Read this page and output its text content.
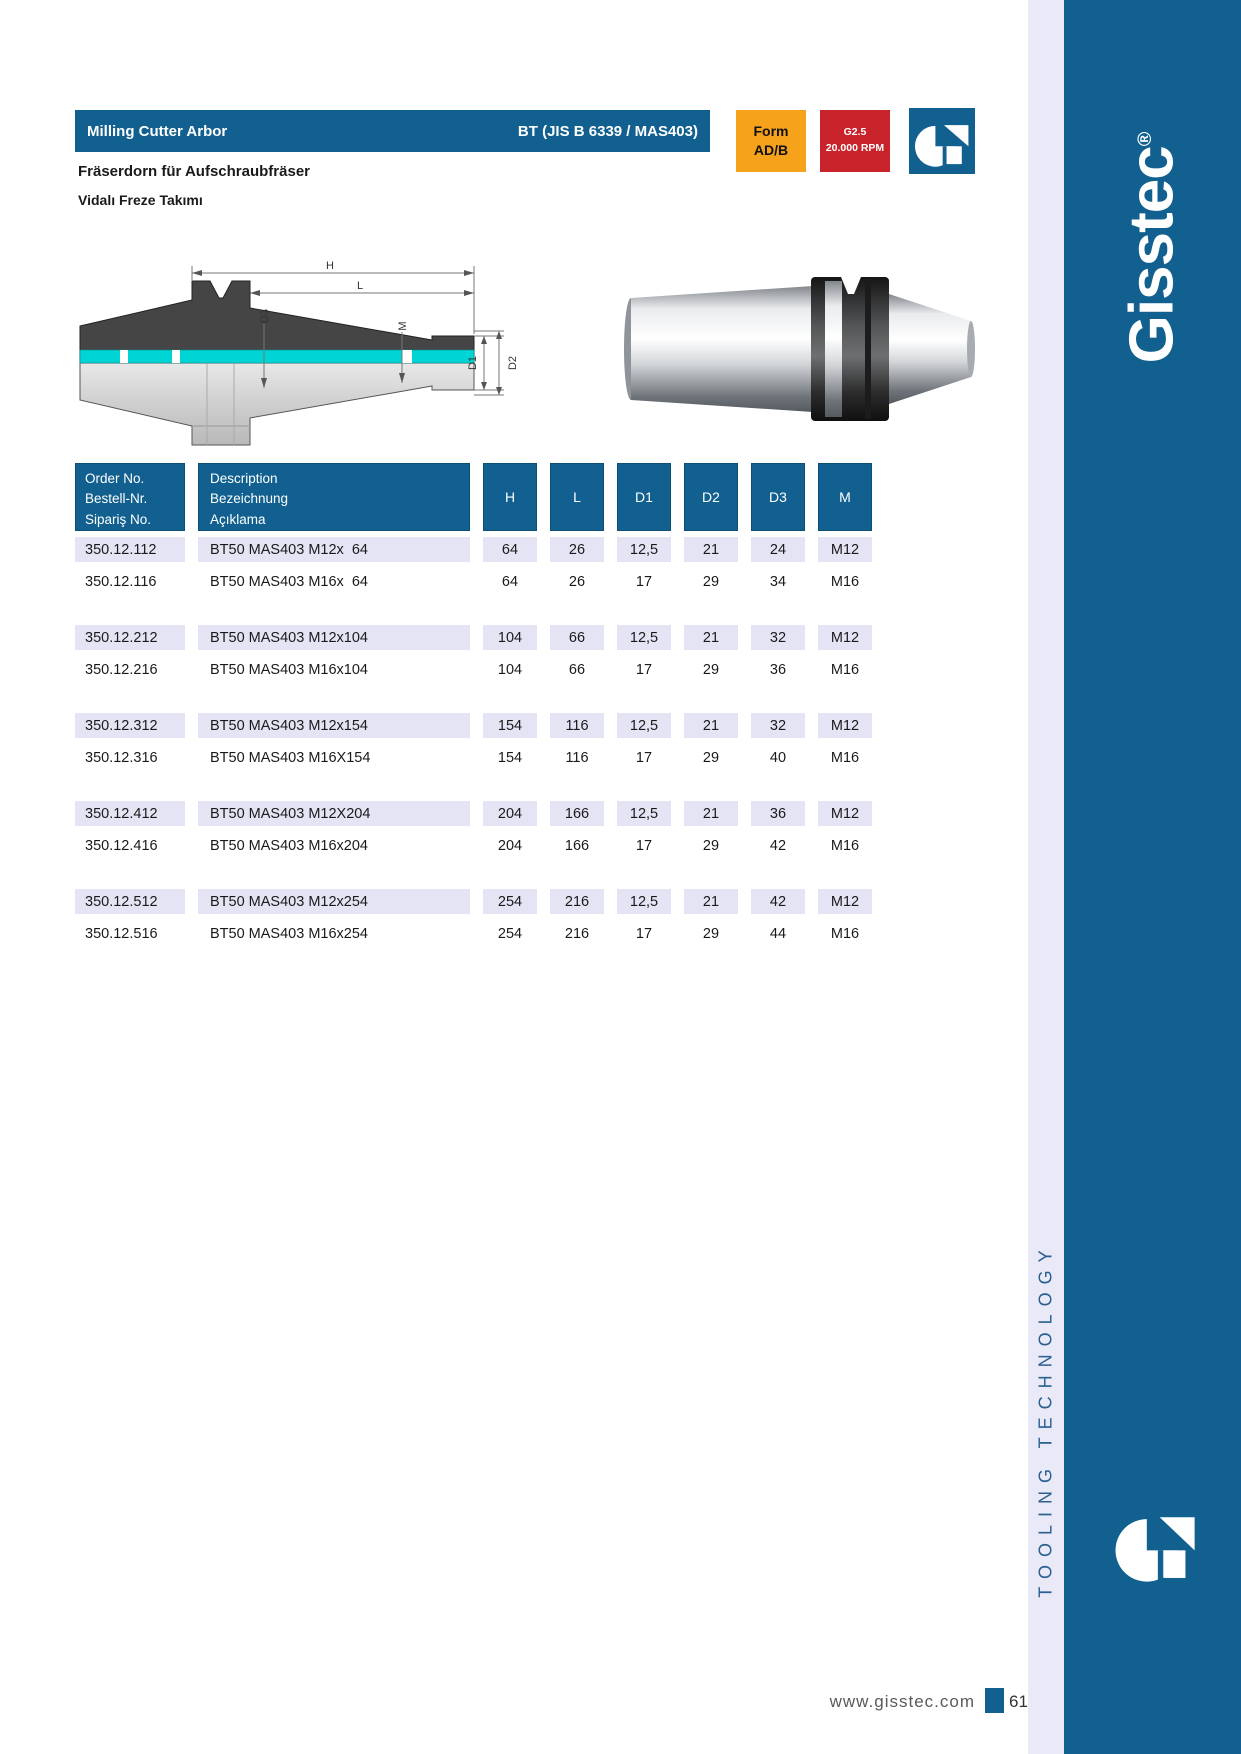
Gisstec®
TOOLING TECHNOLOGY
Milling Cutter Arbor	BT (JIS B 6339 / MAS403)
Fräserdorn für Aufschraubfräser
Vidalı Freze Takımı
Form
AD/B
G2.5
20.000 RPM
H
L
D3
M
D1	D2
Order No.
Bestell-Nr.
Sipariş No.
Description
Bezeichnung
Açıklama
H	L	D1	D2	D3	M
350.12.112	BT50 MAS403 M12x  64	64	26	12,5	21	24	M12
350.12.116	BT50 MAS403 M16x  64	64	26	17	29	34	M16
350.12.212	BT50 MAS403 M12x104	104	66	12,5	21	32	M12
350.12.216	BT50 MAS403 M16x104	104	66	17	29	36	M16
350.12.312	BT50 MAS403 M12x154	154	116	12,5	21	32	M12
350.12.316	BT50 MAS403 M16X154	154	116	17	29	40	M16
350.12.412	BT50 MAS403 M12X204	204	166	12,5	21	36	M12
350.12.416	BT50 MAS403 M16x204	204	166	17	29	42	M16
350.12.512	BT50 MAS403 M12x254	254	216	12,5	21	42	M12
350.12.516	BT50 MAS403 M16x254	254	216	17	29	44	M16
www.gisstec.com 61
